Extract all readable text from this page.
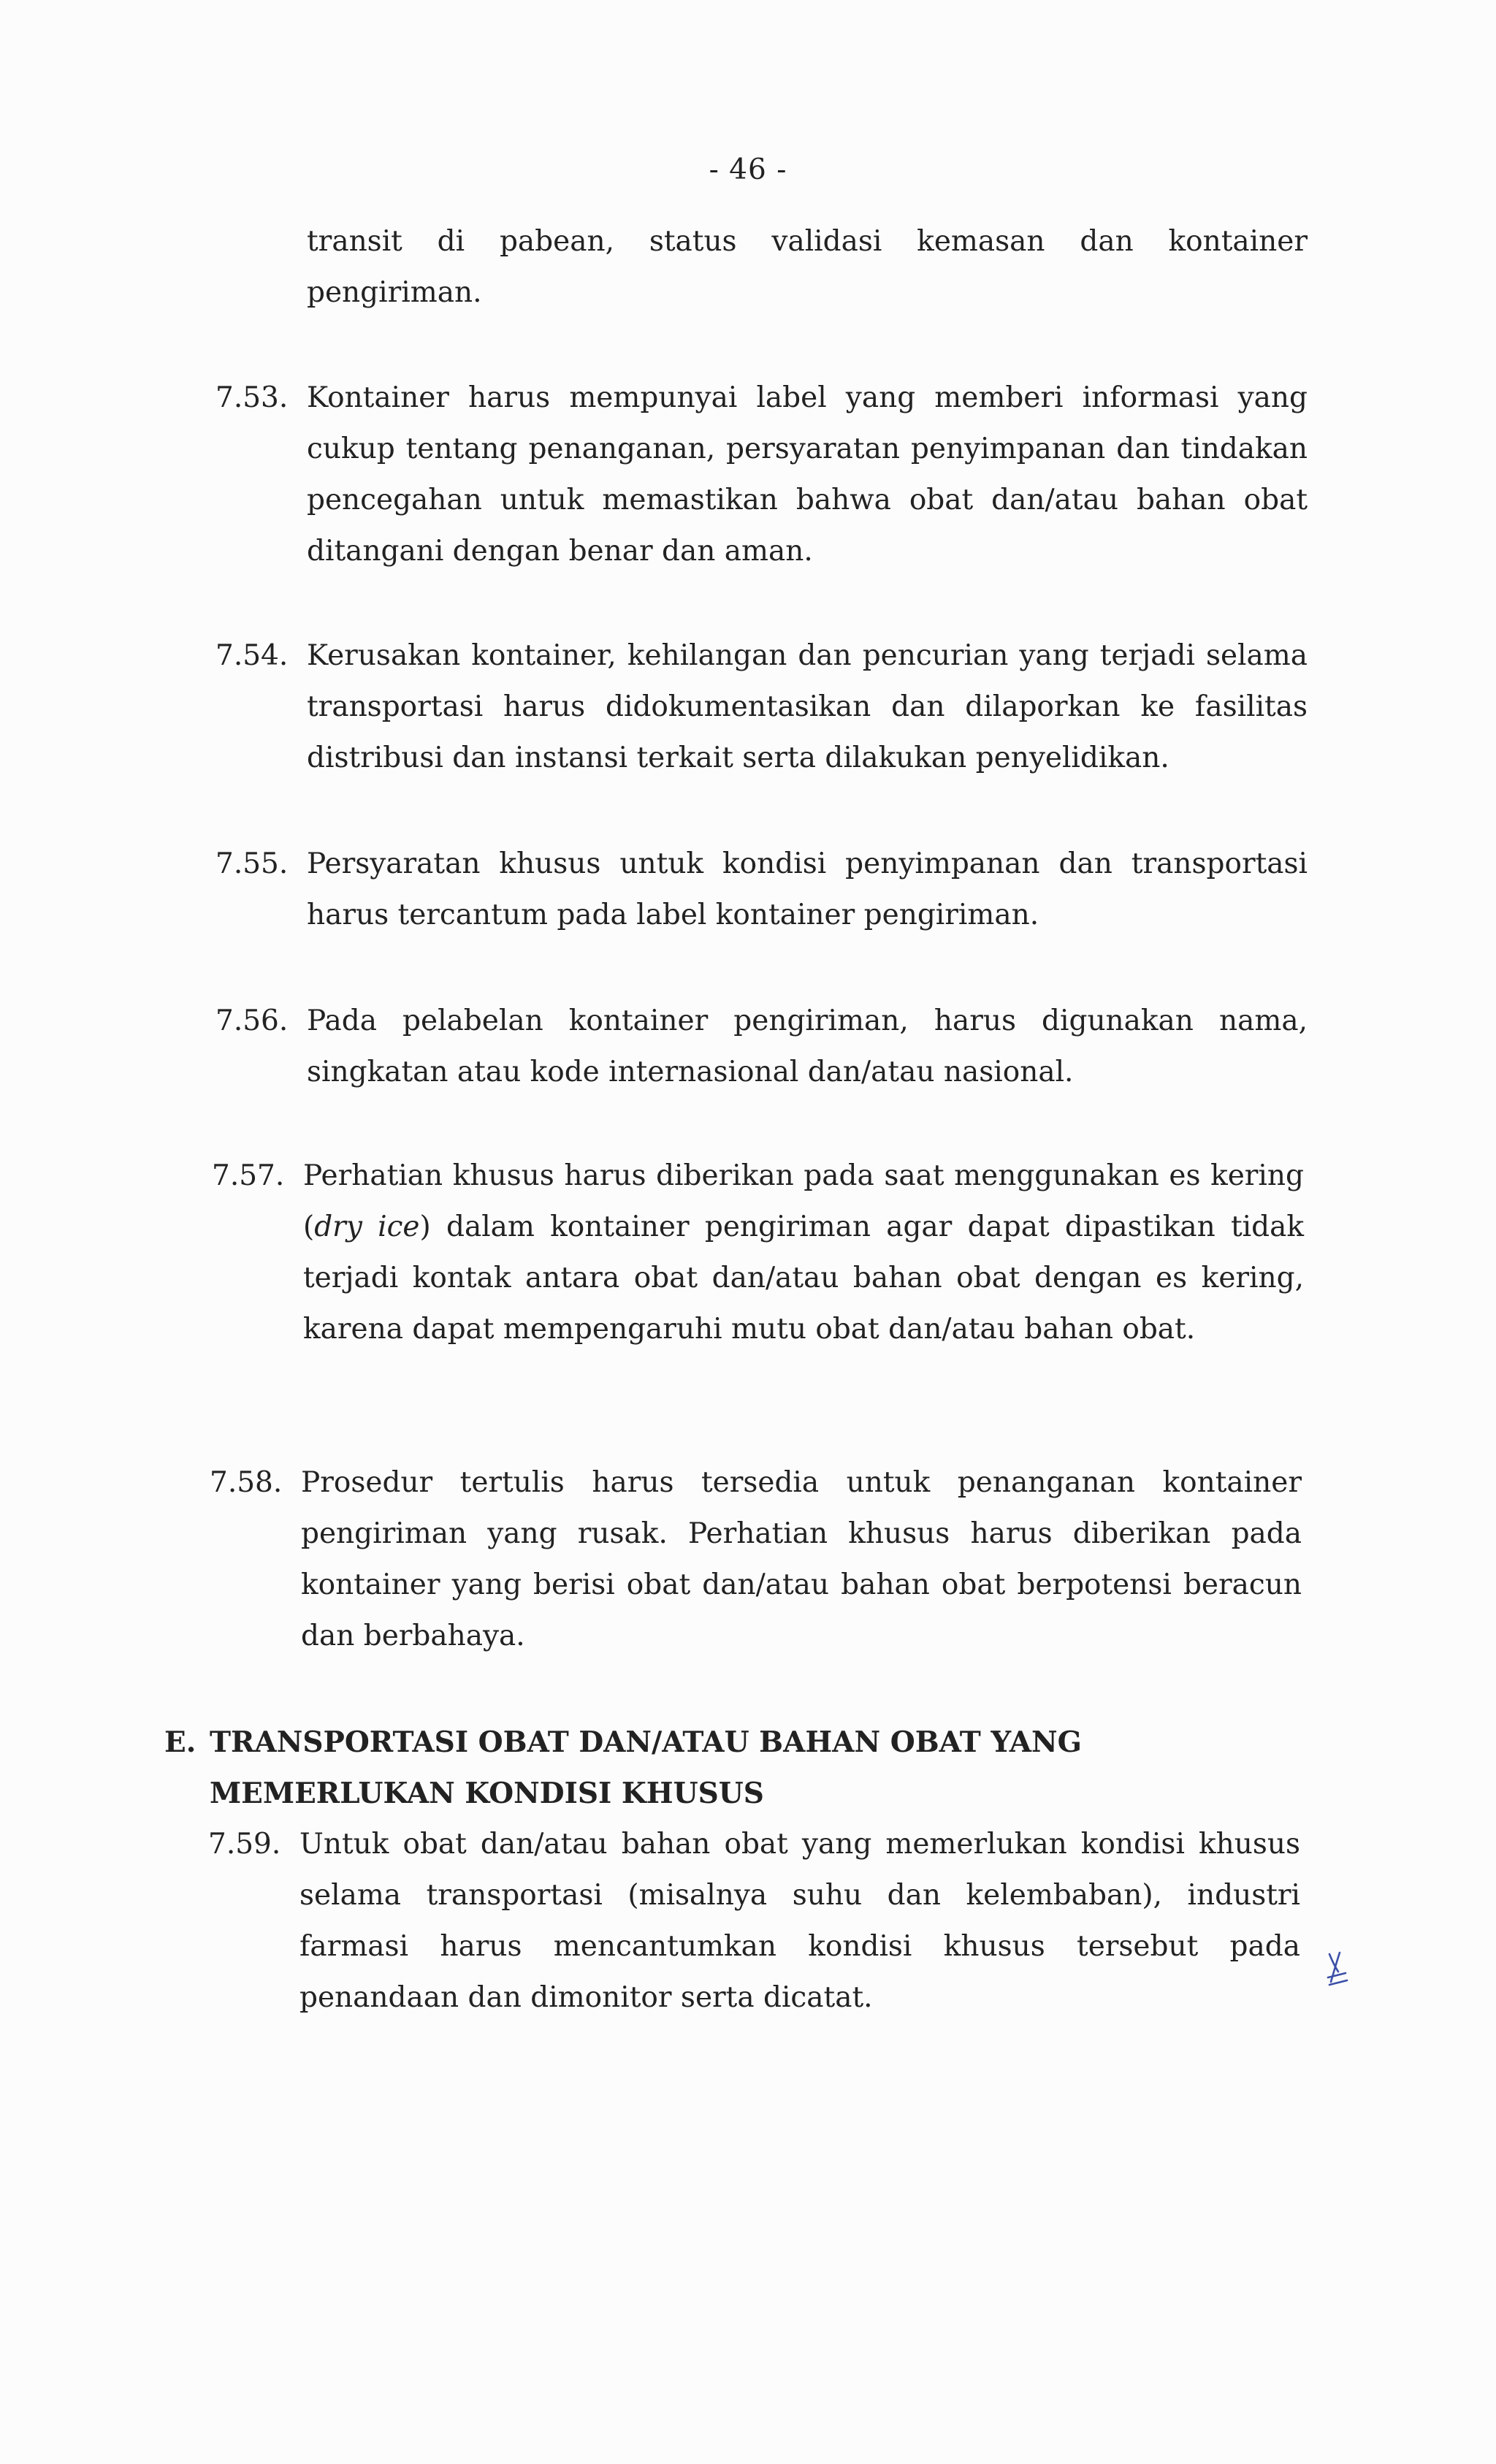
- 46 -
transit di pabean, status validasi kemasan dan kontainer pengiriman.
7.53. Kontainer harus mempunyai label yang memberi informasi yang cukup tentang penanganan, persyaratan penyimpanan dan tindakan pencegahan untuk memastikan bahwa obat dan/atau bahan obat ditangani dengan benar dan aman.
7.54. Kerusakan kontainer, kehilangan dan pencurian yang terjadi selama transportasi harus didokumentasikan dan dilaporkan ke fasilitas distribusi dan instansi terkait serta dilakukan penyelidikan.
7.55. Persyaratan khusus untuk kondisi penyimpanan dan transportasi harus tercantum pada label kontainer pengiriman.
7.56. Pada pelabelan kontainer pengiriman, harus digunakan nama, singkatan atau kode internasional dan/atau nasional.
7.57. Perhatian khusus harus diberikan pada saat menggunakan es kering (dry ice) dalam kontainer pengiriman agar dapat dipastikan tidak terjadi kontak antara obat dan/atau bahan obat dengan es kering, karena dapat mempengaruhi mutu obat dan/atau bahan obat.
7.58. Prosedur tertulis harus tersedia untuk penanganan kontainer pengiriman yang rusak. Perhatian khusus harus diberikan pada kontainer yang berisi obat dan/atau bahan obat berpotensi beracun dan berbahaya.
E. TRANSPORTASI OBAT DAN/ATAU BAHAN OBAT YANG MEMERLUKAN KONDISI KHUSUS
7.59. Untuk obat dan/atau bahan obat yang memerlukan kondisi khusus selama transportasi (misalnya suhu dan kelembaban), industri farmasi harus mencantumkan kondisi khusus tersebut pada penandaan dan dimonitor serta dicatat.
